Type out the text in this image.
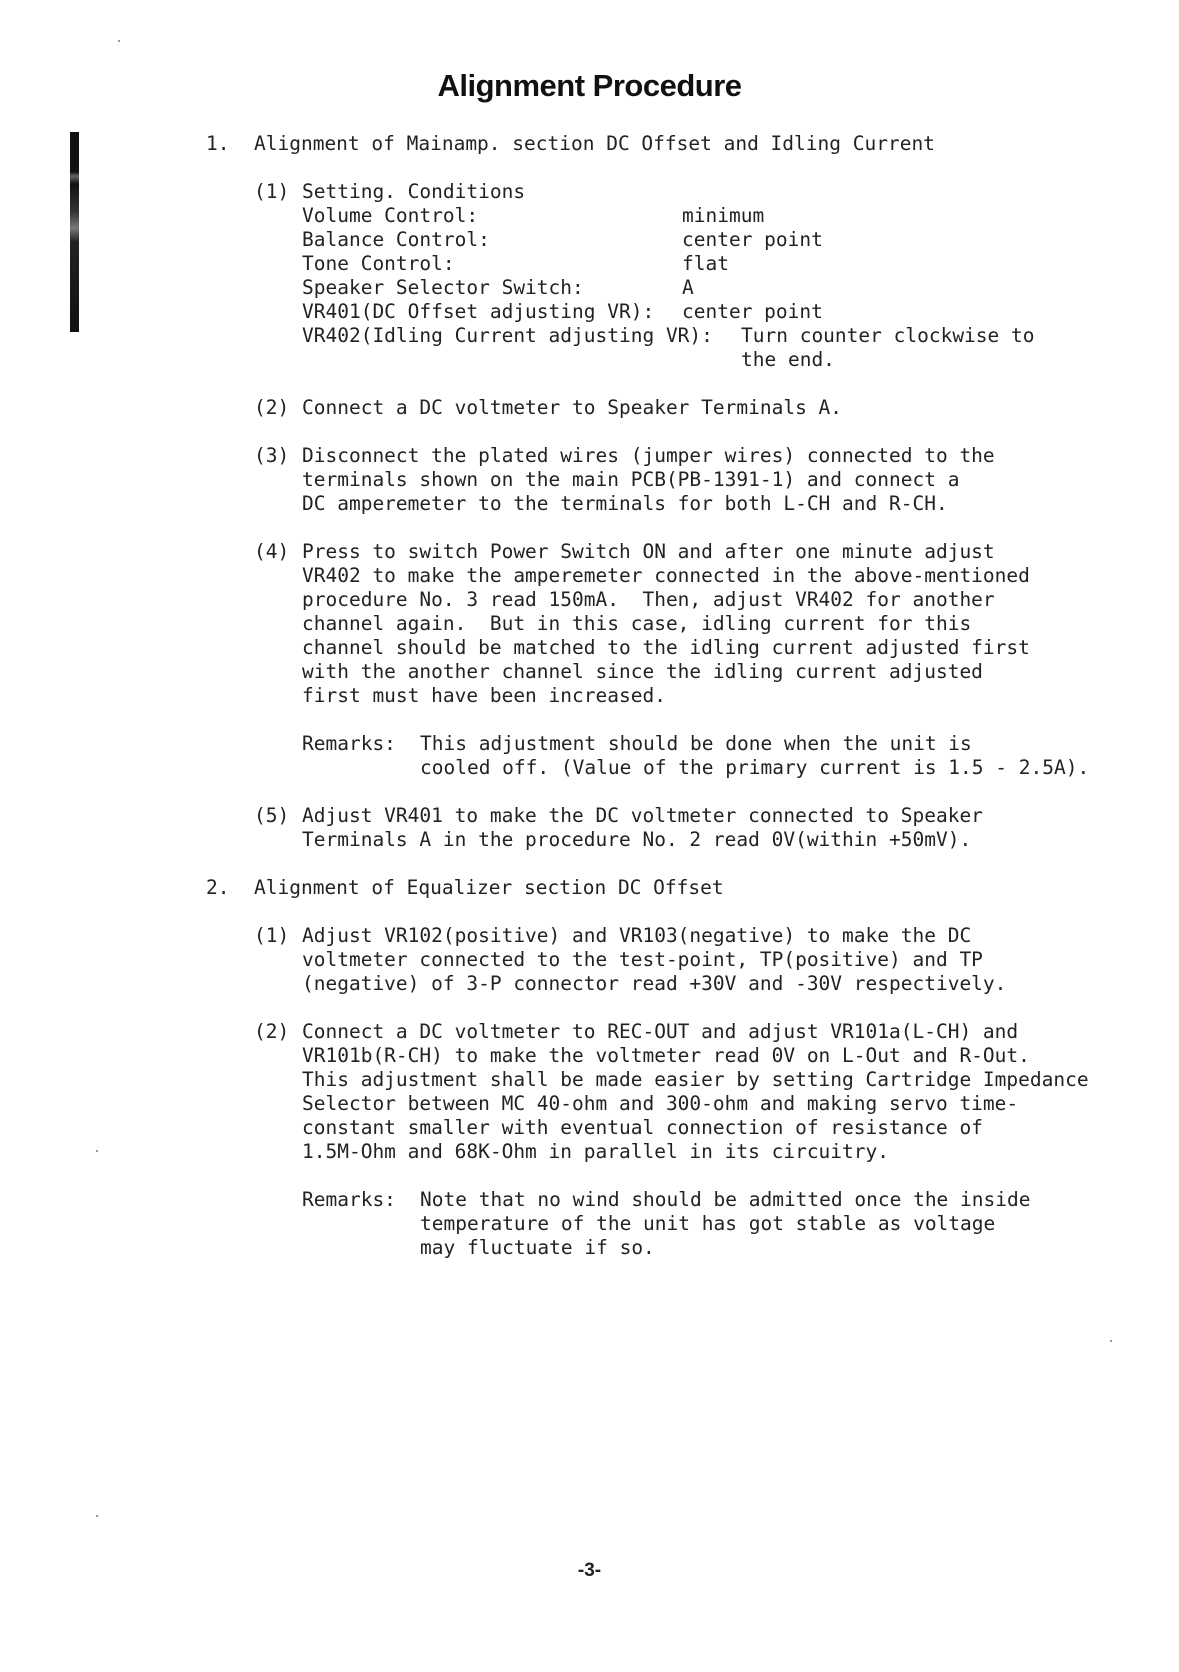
Alignment Procedure
1. Alignment of Mainamp. section DC Offset and Idling Current
(1) Setting. Conditions
Volume Control:	minimum
Balance Control:	center point
Tone Control:	flat
Speaker Selector Switch:	A
VR401(DC Offset adjusting VR): center point
VR402(Idling Current adjusting VR): Turn counter clockwise to
the end.
(2) Connect a DC voltmeter to Speaker Terminals A.
(3) Disconnect the plated wires (jumper wires) connected to the
terminals shown on the main PCB(PB-1391-1) and connect a
DC amperemeter to the terminals for both L-CH and R-CH.
(4) Press to switch Power Switch ON and after one minute adjust
VR402 to make the amperemeter connected in the above-mentioned
procedure No. 3 read 150mA.  Then, adjust VR402 for another
channel again.  But in this case, idling current for this
channel should be matched to the idling current adjusted first
with the another channel since the idling current adjusted
first must have been increased.
Remarks: This adjustment should be done when the unit is
cooled off. (Value of the primary current is 1.5 - 2.5A).
(5) Adjust VR401 to make the DC voltmeter connected to Speaker
Terminals A in the procedure No. 2 read 0V(within +50mV).
2. Alignment of Equalizer section DC Offset
(1) Adjust VR102(positive) and VR103(negative) to make the DC
voltmeter connected to the test-point, TP(positive) and TP
(negative) of 3-P connector read +30V and -30V respectively.
(2) Connect a DC voltmeter to REC-OUT and adjust VR101a(L-CH) and
VR101b(R-CH) to make the voltmeter read 0V on L-Out and R-Out.
This adjustment shall be made easier by setting Cartridge Impedance
Selector between MC 40-ohm and 300-ohm and making servo time-
constant smaller with eventual connection of resistance of
1.5M-Ohm and 68K-Ohm in parallel in its circuitry.
Remarks: Note that no wind should be admitted once the inside
temperature of the unit has got stable as voltage
may fluctuate if so.
-3-
